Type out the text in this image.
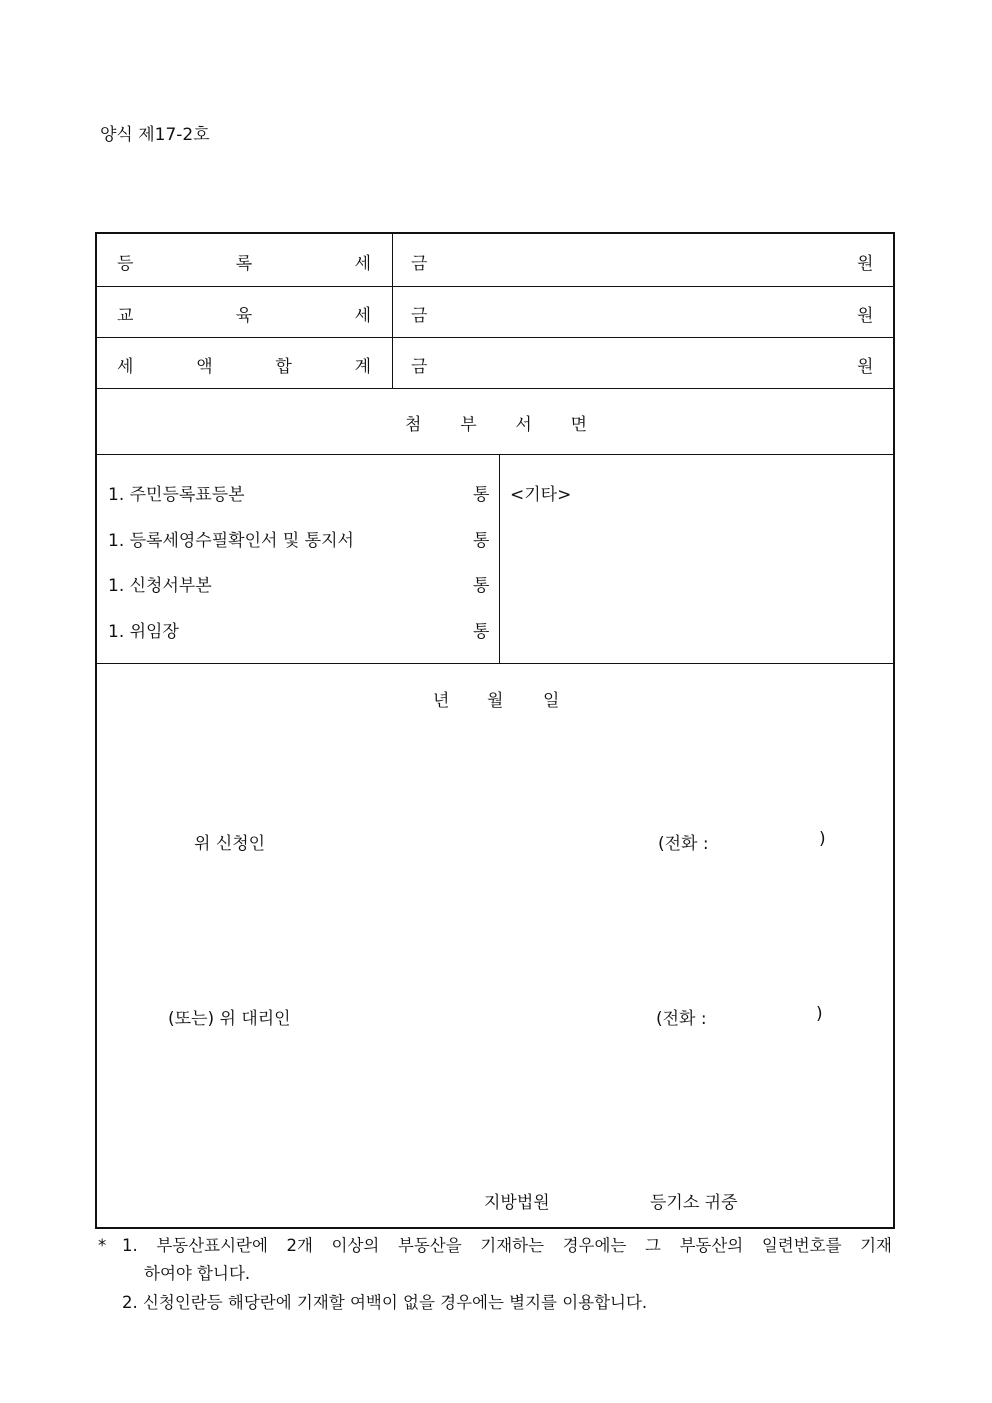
양식 제17-2호
등	록	세 금	원
교	육	세 금	원
세	액	합	계 금	원
첨 부 서 면
1. 주민등록표등본	통
1. 등록세영수필확인서 및 통지서	통
1. 신청서부본	통
1. 위임장	통
<기타>
년 월 일
위 신청인	(전화 :	)
(또는) 위 대리인	(전화 :	)
지방법원	등기소 귀중
* 1. 부동산표시란에 2개 이상의 부동산을 기재하는 경우에는 그 부동산의 일련번호를 기재
하여야 합니다.
2. 신청인란등 해당란에 기재할 여백이 없을 경우에는 별지를 이용합니다.
